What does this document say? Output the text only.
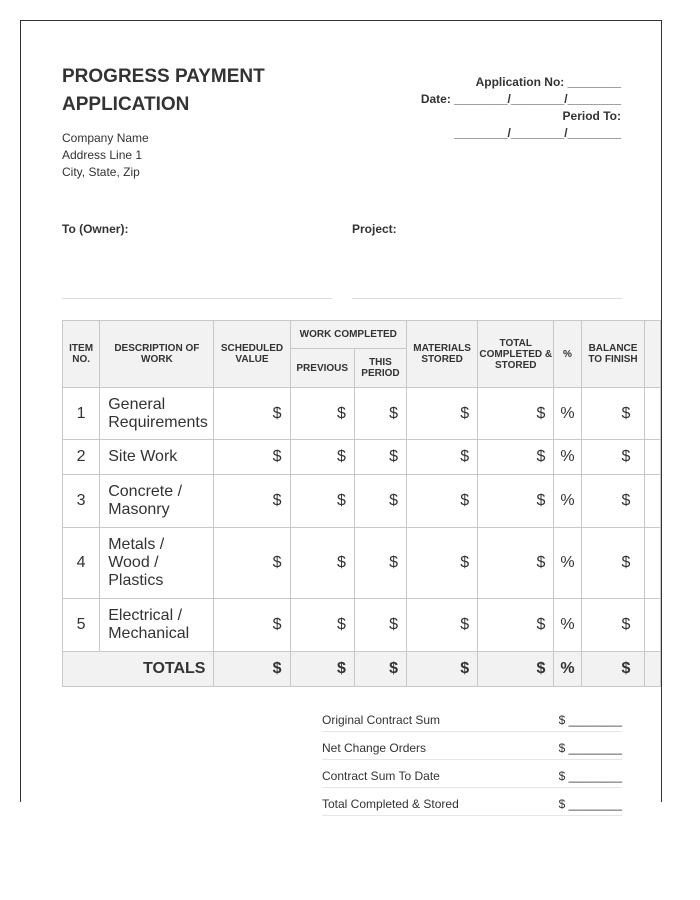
PROGRESS PAYMENT
APPLICATION
Company Name
Address Line 1
City, State, Zip
Application No: ________
Date: ________/________/________
Period To:
________/________/________
To (Owner):	Project:
ITEM NO.	DESCRIPTION OF WORK	SCHEDULED VALUE	WORK COMPLETED		MATERIALS STORED	TOTAL COMPLETED & STORED	%	BALANCE TO FINISH	
			PREVIOUS	THIS PERIOD					
1	General Requirements	$	$	$	$	$	%	$	
2	Site Work	$	$	$	$	$	%	$	
3	Concrete / Masonry	$	$	$	$	$	%	$	
4	Metals / Wood / Plastics	$	$	$	$	$	%	$	
5	Electrical / Mechanical	$	$	$	$	$	%	$	
TOTALS		$	$	$	$	$	%	$	
Original Contract Sum	$ ________
Net Change Orders	$ ________
Contract Sum To Date	$ ________
Total Completed & Stored	$ ________
